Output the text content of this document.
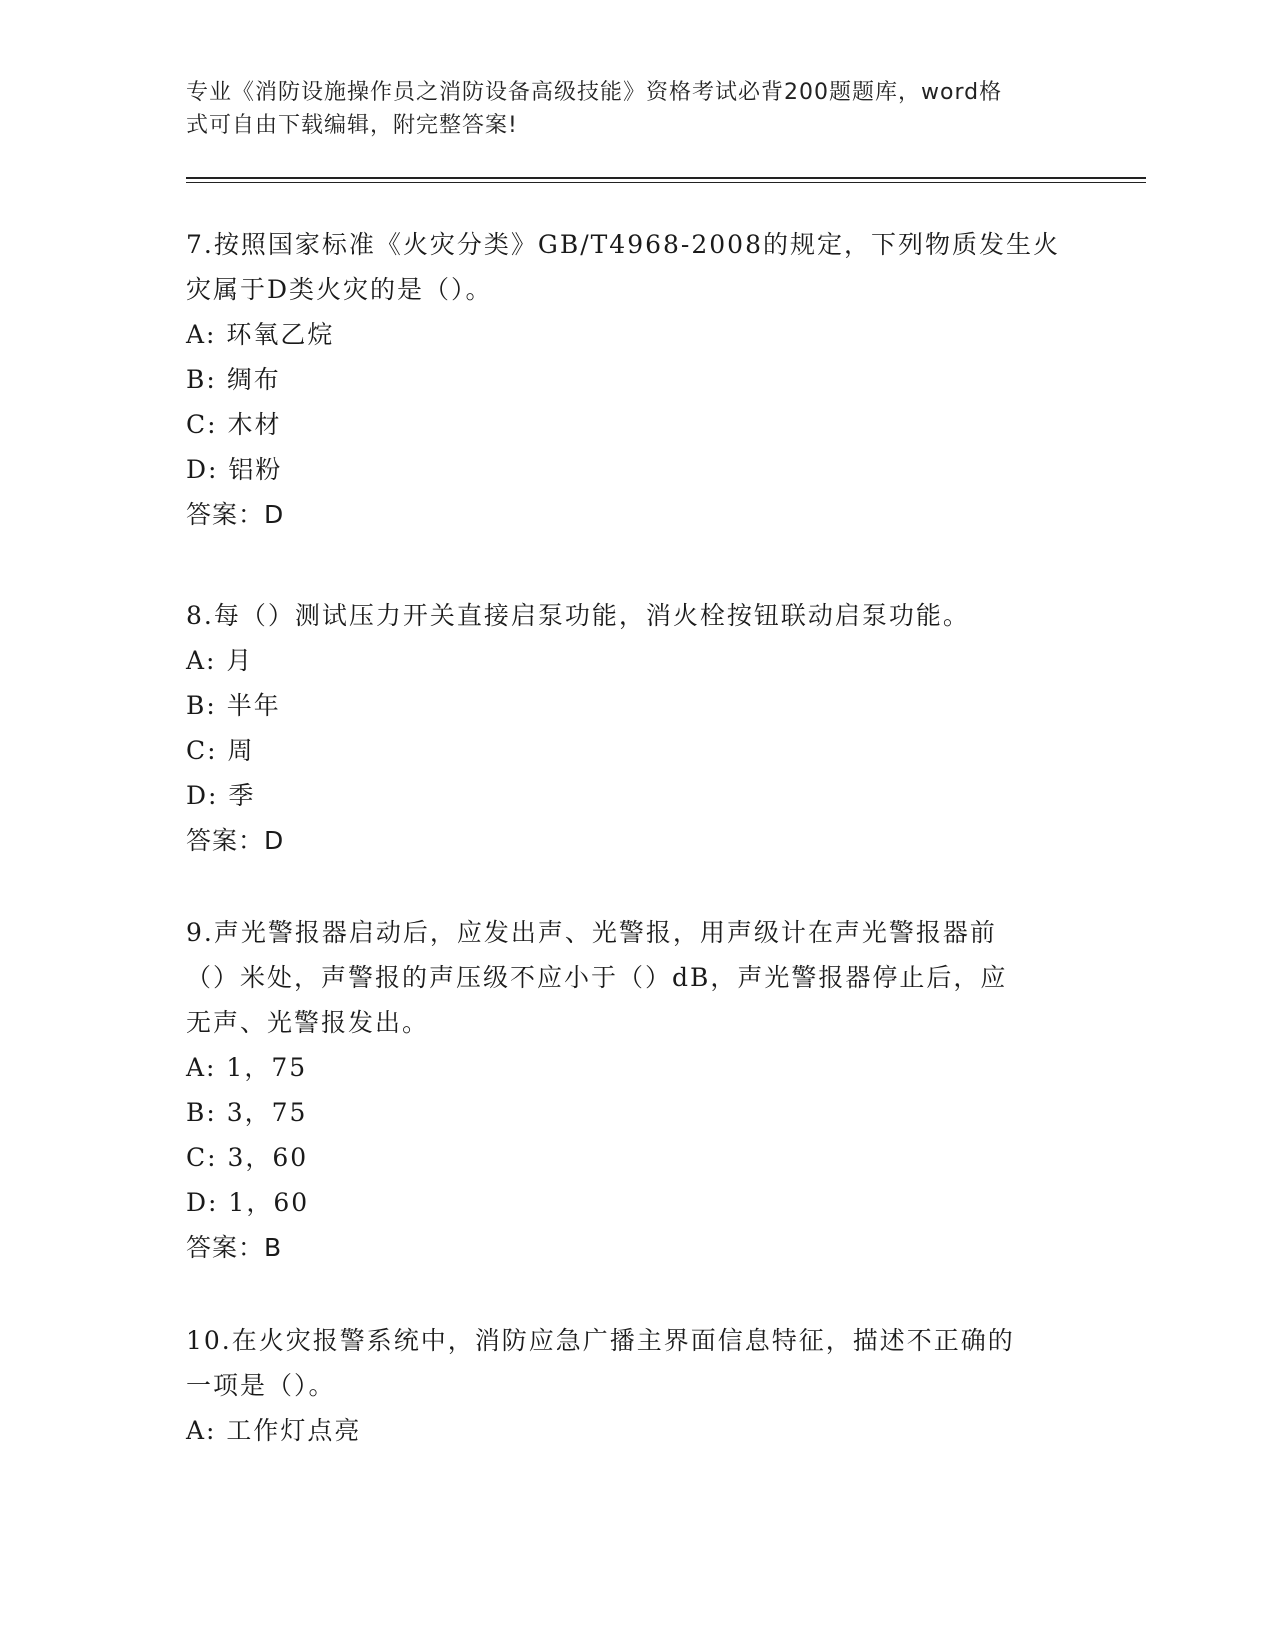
专业《消防设施操作员之消防设备高级技能》资格考试必背200题题库，word格
式可自由下载编辑，附完整答案!

7.按照国家标准《火灾分类》GB/T4968-2008的规定，下列物质发生火

灾属于D类火灾的是（）。

A: 环氧乙烷

B: 绸布

C: 木材

D: 铝粉

答案：D

8.每（）测试压力开关直接启泵功能，消火栓按钮联动启泵功能。

A: 月

B: 半年

C: 周

D: 季

答案：D

9.声光警报器启动后，应发出声、光警报，用声级计在声光警报器前

（）米处，声警报的声压级不应小于（）dB，声光警报器停止后，应

无声、光警报发出。

A: 1，75

B: 3，75

C: 3，60

D: 1，60

答案：B

10.在火灾报警系统中，消防应急广播主界面信息特征，描述不正确的

一项是（）。

A: 工作灯点亮
